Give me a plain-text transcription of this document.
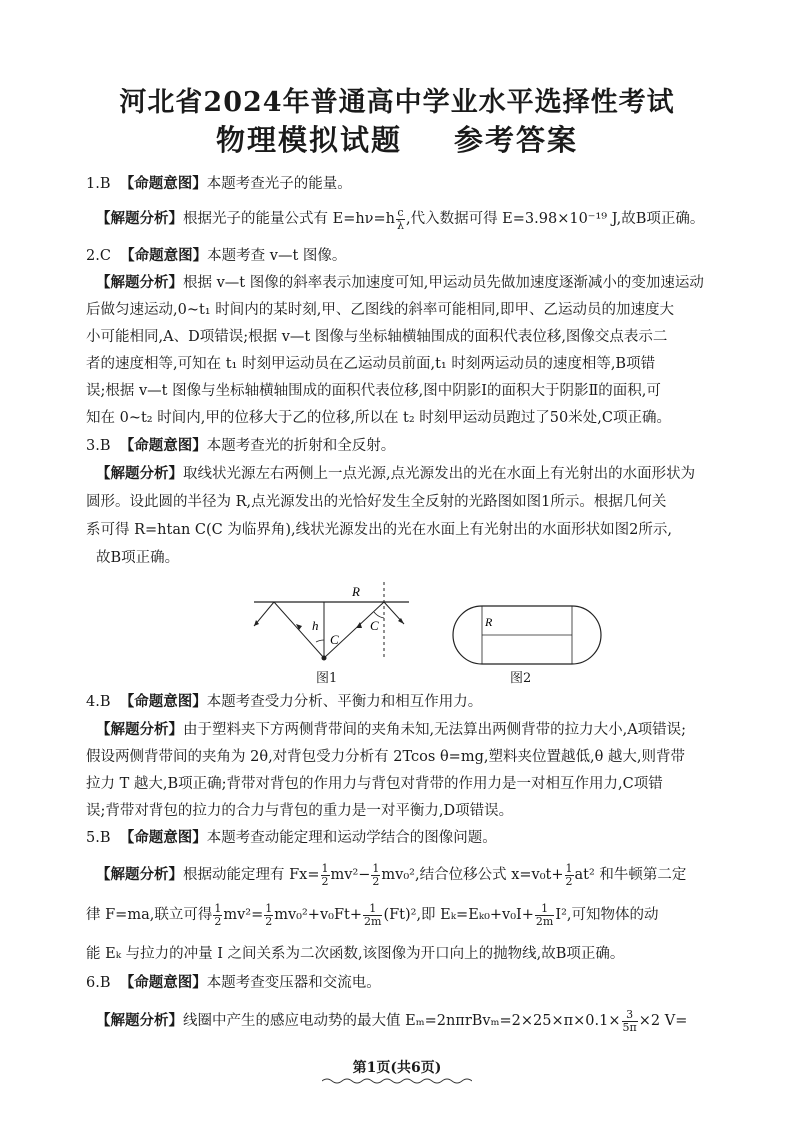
河北省2024年普通高中学业水平选择性考试
物理模拟试题 参考答案
1.B 【命题意图】本题考查光子的能量。
【解题分析】根据光子的能量公式有 $E=h\nu=h \frac{c}{\lambda}$ ,代入数据可得 E=3.98×10⁻¹⁹ J,故B项正确。
2.C 【命题意图】本题考查 v—t 图像。
【解题分析】根据 v—t 图像的斜率表示加速度可知,甲运动员先做加速度逐渐减小的变加速运动
后做匀速运动,0~t₁ 时间内的某时刻,甲、乙图线的斜率可能相同,即甲、乙运动员的加速度大
小可能相同,A、D项错误;根据 v—t 图像与坐标轴横轴围成的面积代表位移,图像交点表示二
者的速度相等,可知在 t₁ 时刻甲运动员在乙运动员前面,t₁ 时刻两运动员的速度相等,B项错
误;根据 v—t 图像与坐标轴横轴围成的面积代表位移,图中阴影Ⅰ的面积大于阴影Ⅱ的面积,可
知在 0~t₂ 时间内,甲的位移大于乙的位移,所以在 t₂ 时刻甲运动员跑过了50米处,C项正确。
3.B 【命题意图】本题考查光的折射和全反射。
【解题分析】取线状光源左右两侧上一点光源,点光源发出的光在水面上有光射出的水面形状为
圆形。设此圆的半径为 R,点光源发出的光恰好发生全反射的光路图如图1所示。根据几何关
系可得 R=htan C(C 为临界角),线状光源发出的光在水面上有光射出的水面形状如图2所示,
故B项正确。
R
h
C
C
图1
R
图2
4.B 【命题意图】本题考查受力分析、平衡力和相互作用力。
【解题分析】由于塑料夹下方两侧背带间的夹角未知,无法算出两侧背带的拉力大小,A项错误;
假设两侧背带间的夹角为 2θ,对背包受力分析有 2Tcos θ=mg,塑料夹位置越低,θ 越大,则背带
拉力 T 越大,B项正确;背带对背包的作用力与背包对背带的作用力是一对相互作用力,C项错
误;背带对背包的拉力的合力与背包的重力是一对平衡力,D项错误。
5.B 【命题意图】本题考查动能定理和运动学结合的图像问题。
【解题分析】根据动能定理有 $Fx= \frac{1}{2} mv^2- \frac{1}{2} mv_0^2$,结合位移公式 $x=v_0t+ \frac{1}{2} at^2$ 和牛顿第二定
律 F=ma,联立可得 $\frac{1}{2} mv^2= \frac{1}{2} mv_0^2+v_0Ft+ \frac{1}{2m} (Ft)^2$,即 $E_k=E_{k0}+v_0I+ \frac{1}{2m} I^2$,可知物体的动
能 Eₖ 与拉力的冲量 I 之间关系为二次函数,该图像为开口向上的抛物线,故B项正确。
6.B 【命题意图】本题考查变压器和交流电。
【解题分析】线圈中产生的感应电动势的最大值 $E_m=2n\pi rBv_m=2\times 25\times\pi\times 0.1\times \frac{3}{5\pi} \times 2$ V=
第1页(共6页)
